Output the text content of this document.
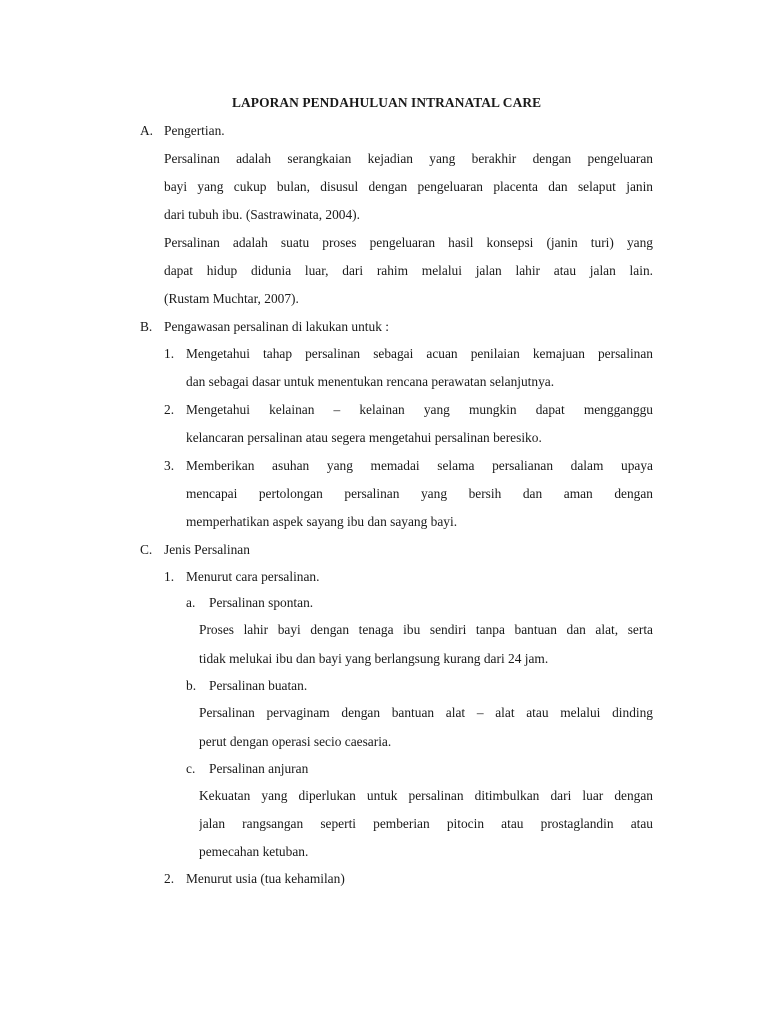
LAPORAN PENDAHULUAN INTRANATAL CARE
A. Pengertian.
Persalinan adalah serangkaian kejadian yang berakhir dengan pengeluaran
bayi yang cukup bulan, disusul dengan pengeluaran placenta dan selaput janin
dari tubuh ibu. (Sastrawinata, 2004).
Persalinan adalah suatu proses pengeluaran hasil konsepsi (janin turi) yang
dapat hidup didunia luar, dari rahim melalui jalan lahir atau jalan lain.
(Rustam Muchtar, 2007).
B. Pengawasan persalinan di lakukan untuk :
1. Mengetahui tahap persalinan sebagai acuan penilaian kemajuan persalinan
dan sebagai dasar untuk menentukan rencana perawatan selanjutnya.
2. Mengetahui kelainan – kelainan yang mungkin dapat mengganggu
kelancaran persalinan atau segera mengetahui persalinan beresiko.
3. Memberikan asuhan yang memadai selama persalianan dalam upaya
mencapai pertolongan persalinan yang bersih dan aman dengan
memperhatikan aspek sayang ibu dan sayang bayi.
C. Jenis Persalinan
1. Menurut cara persalinan.
a. Persalinan spontan.
Proses lahir bayi dengan tenaga ibu sendiri tanpa bantuan dan alat, serta
tidak melukai ibu dan bayi yang berlangsung kurang dari 24 jam.
b. Persalinan buatan.
Persalinan pervaginam dengan bantuan alat – alat atau melalui dinding
perut dengan operasi secio caesaria.
c. Persalinan anjuran
Kekuatan yang diperlukan untuk persalinan ditimbulkan dari luar dengan
jalan rangsangan seperti pemberian pitocin atau prostaglandin atau
pemecahan ketuban.
2. Menurut usia (tua kehamilan)
